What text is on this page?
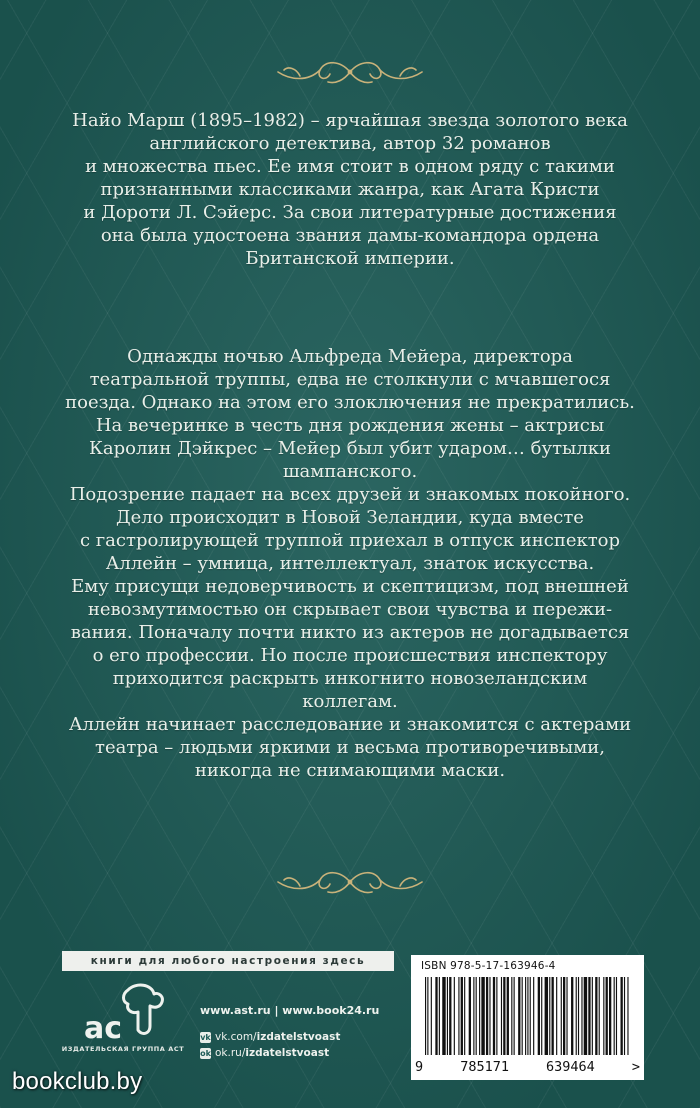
Найо Марш (1895–1982) – ярчайшая звезда золотого века

английского детектива, автор 32 романов

и множества пьес. Ее имя стоит в одном ряду с такими

признанными классиками жанра, как Агата Кристи

и Дороти Л. Сэйерс. За свои литературные достижения

она была удостоена звания дамы-командора ордена

Британской империи.

Однажды ночью Альфреда Мейера, директора

театральной труппы, едва не столкнули с мчавшегося

поезда. Однако на этом его злоключения не прекратились.

На вечеринке в честь дня рождения жены – актрисы

Каролин Дэйкрес – Мейер был убит ударом… бутылки

шампанского.

Подозрение падает на всех друзей и знакомых покойного.

Дело происходит в Новой Зеландии, куда вместе

с гастролирующей труппой приехал в отпуск инспектор

Аллейн – умница, интеллектуал, знаток искусства.

Ему присущи недоверчивость и скептицизм, под внешней

невозмутимостью он скрывает свои чувства и пережи-

вания. Поначалу почти никто из актеров не догадывается

о его профессии. Но после происшествия инспектору

приходится раскрыть инкогнито новозеландским

коллегам.

Аллейн начинает расследование и знакомится с актерами

театра – людьми яркими и весьма противоречивыми,

никогда не снимающими маски.

книги для любого настроения здесь
ac
ИЗДАТЕЛЬСКАЯ ГРУППА АСТ
www.ast.ru | www.book24.ru
vk vk.com/ izdatelstvoast
ok ok.ru/ izdatelstvoast
ISBN 978-5-17-163946-4
9	785171	639464	>
bookclub.by
